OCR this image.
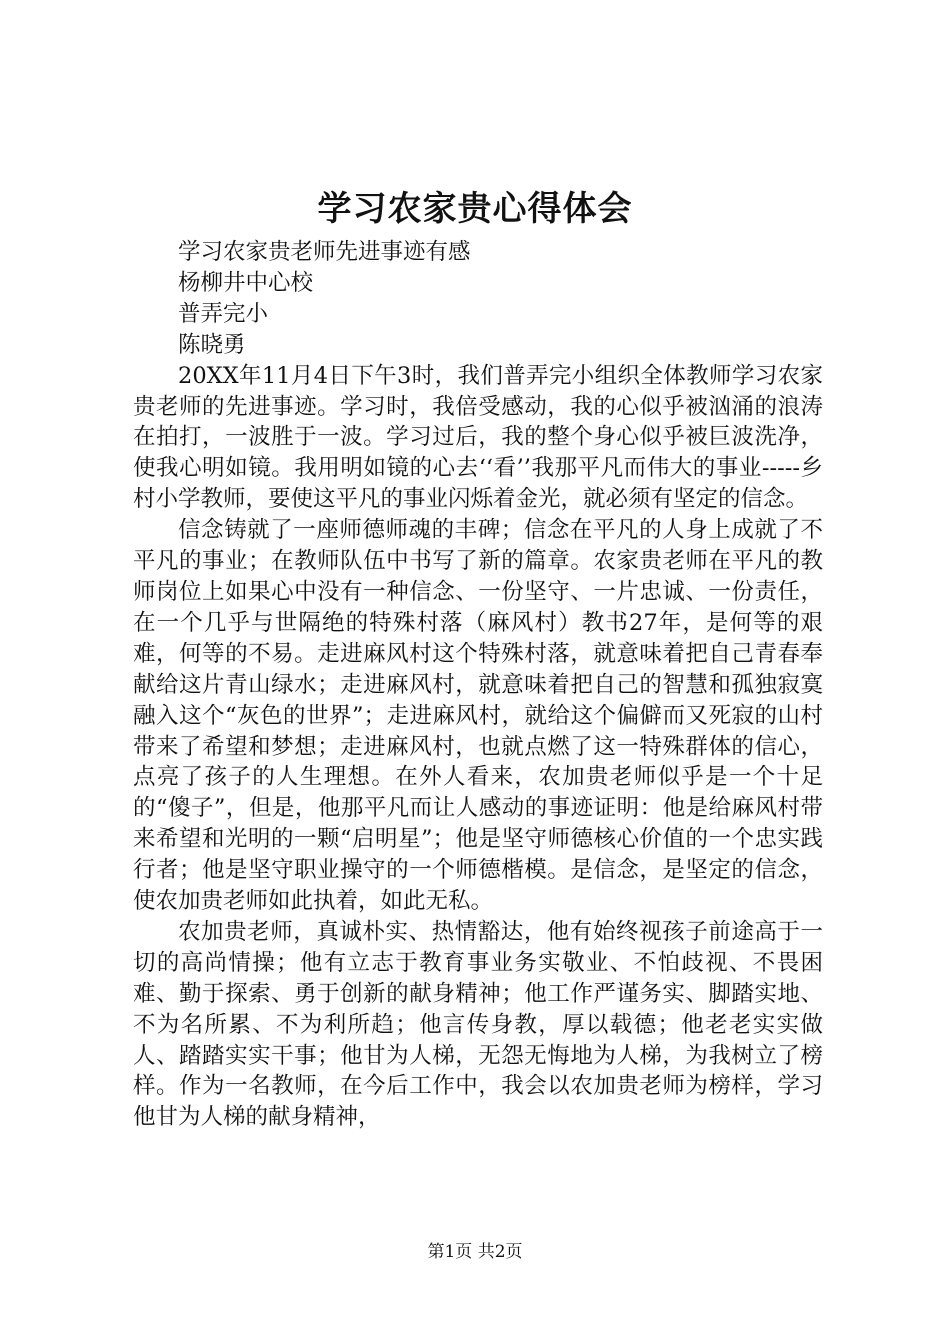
学习农家贵心得体会

学习农家贵老师先进事迹有感

杨柳井中心校

普弄完小

陈晓勇

20XX年11月4日下午3时，我们普弄完小组织全体教师学习农家贵老师的先进事迹。学习时，我倍受感动，我的心似乎被汹涌的浪涛在拍打，一波胜于一波。学习过后，我的整个身心似乎被巨波洗净，使我心明如镜。我用明如镜的心去‘‘看’’我那平凡而伟大的事业-----乡村小学教师，要使这平凡的事业闪烁着金光，就必须有坚定的信念。

信念铸就了一座师德师魂的丰碑；信念在平凡的人身上成就了不平凡的事业；在教师队伍中书写了新的篇章。农家贵老师在平凡的教师岗位上如果心中没有一种信念、一份坚守、一片忠诚、一份责任，在一个几乎与世隔绝的特殊村落（麻风村）教书27年，是何等的艰难，何等的不易。走进麻风村这个特殊村落，就意味着把自己青春奉献给这片青山绿水；走进麻风村，就意味着把自己的智慧和孤独寂寞融入这个“灰色的世界”；走进麻风村，就给这个偏僻而又死寂的山村带来了希望和梦想；走进麻风村，也就点燃了这一特殊群体的信心，点亮了孩子的人生理想。在外人看来，农加贵老师似乎是一个十足的“傻子”，但是，他那平凡而让人感动的事迹证明：他是给麻风村带来希望和光明的一颗“启明星”；他是坚守师德核心价值的一个忠实践行者；他是坚守职业操守的一个师德楷模。是信念，是坚定的信念，使农加贵老师如此执着，如此无私。

农加贵老师，真诚朴实、热情豁达，他有始终视孩子前途高于一切的高尚情操；他有立志于教育事业务实敬业、不怕歧视、不畏困难、勤于探索、勇于创新的献身精神；他工作严谨务实、脚踏实地、不为名所累、不为利所趋；他言传身教，厚以载德；他老老实实做人、踏踏实实干事；他甘为人梯，无怨无悔地为人梯，为我树立了榜样。作为一名教师，在今后工作中，我会以农加贵老师为榜样，学习他甘为人梯的献身精神，

第1页 共2页
